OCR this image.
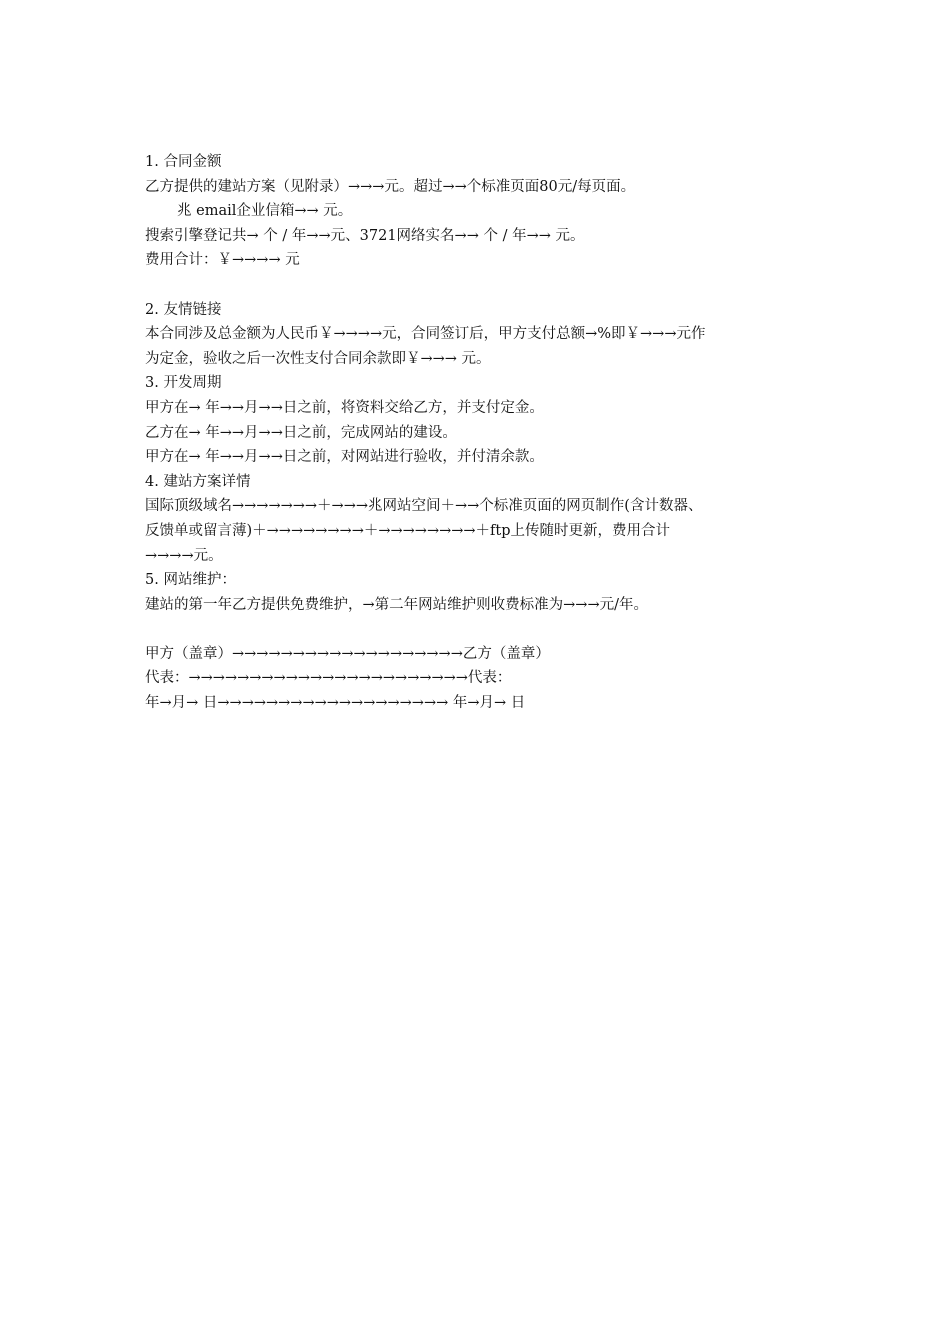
1. 合同金额
乙方提供的建站方案（见附录）→→→元。超过→→个标准页面80元/每页面。
兆 email企业信箱→→ 元。
搜索引擎登记共→ 个 / 年→→元、3721网络实名→→ 个 / 年→→ 元。
费用合计：￥→→→→ 元
2. 友情链接
本合同涉及总金额为人民币￥→→→→元，合同签订后，甲方支付总额→%即￥→→→元作
为定金，验收之后一次性支付合同余款即￥→→→ 元。
3. 开发周期
甲方在→ 年→→月→→日之前，将资料交给乙方，并支付定金。
乙方在→ 年→→月→→日之前，完成网站的建设。
甲方在→ 年→→月→→日之前，对网站进行验收，并付清余款。
4. 建站方案详情
国际顶级域名→→→→→→→＋→→→兆网站空间＋→→个标准页面的网页制作(含计数器、
反馈单或留言薄)＋→→→→→→→→＋→→→→→→→→＋ftp上传随时更新，费用合计
→→→→元。
5. 网站维护：
建站的第一年乙方提供免费维护，→第二年网站维护则收费标准为→→→元/年。
甲方（盖章）→→→→→→→→→→→→→→→→→→→乙方（盖章）
代表：→→→→→→→→→→→→→→→→→→→→→→→代表：
年→月→ 日→→→→→→→→→→→→→→→→→→→ 年→月→ 日
